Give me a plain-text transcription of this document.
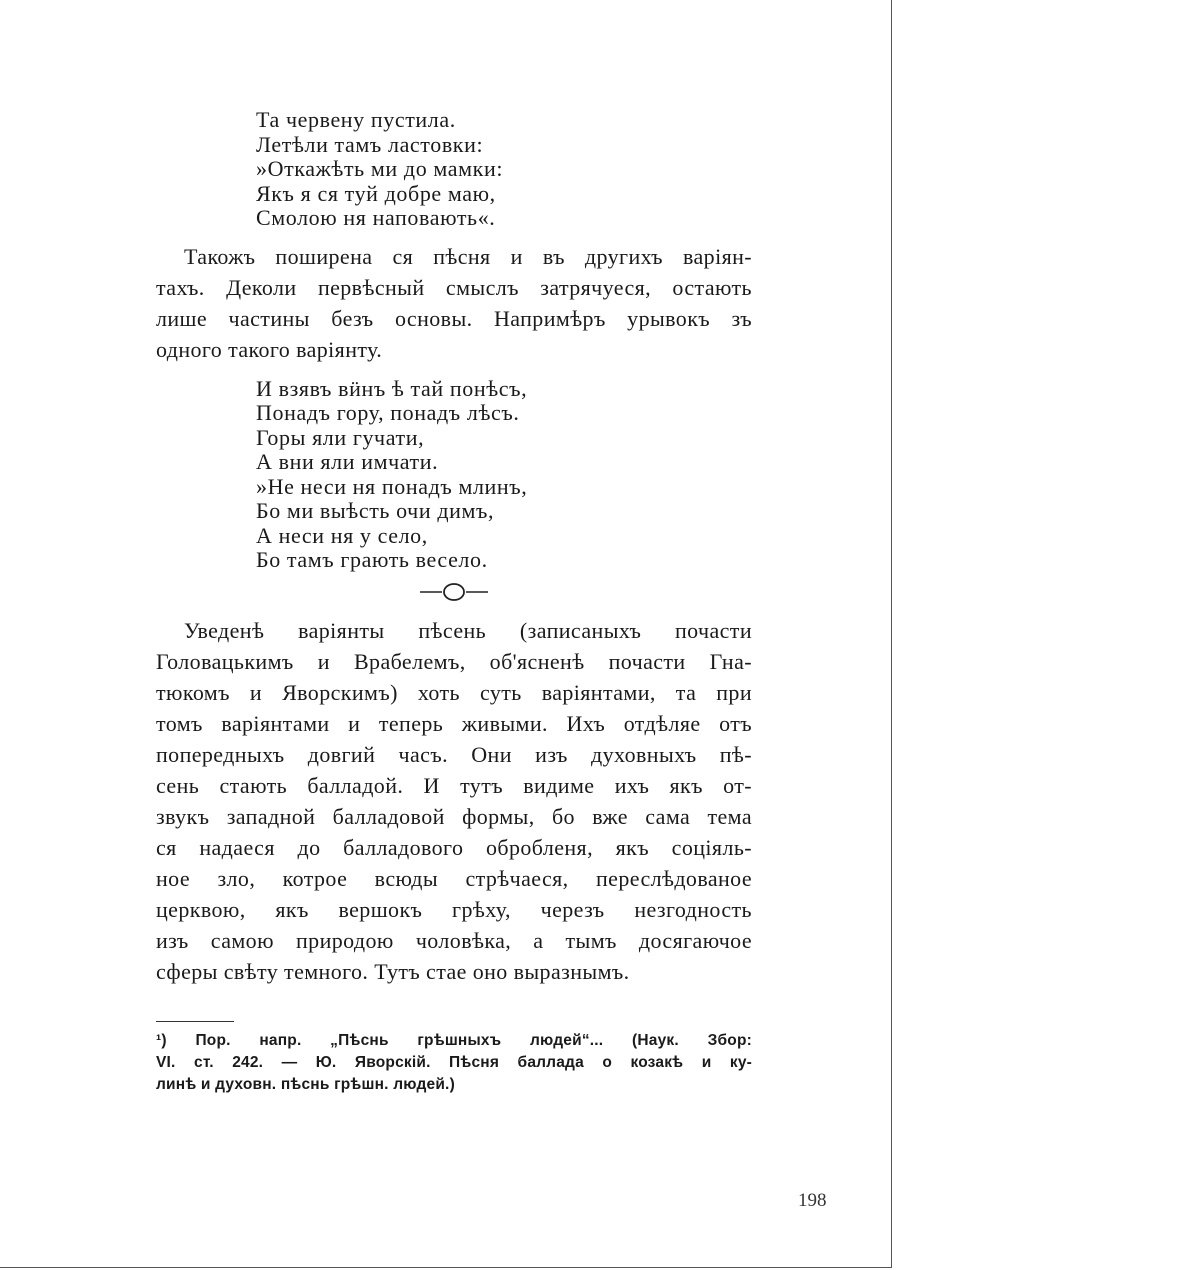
Та червену пустила.
Летѣли тамъ ластовки:
»Откажѣть ми до мамки:
Якъ я ся туй добре маю,
Смолою ня наповають«.

Такожъ поширена ся пѣсня и въ другихъ варіян-
тахъ. Деколи первѣсный смыслъ затрячуеся, остають
лише частины безъ основы. Напримѣръ урывокъ зъ
одного такого варіянту.

И взявъ вӥнъ ѣ тай понѣсъ,
Понадъ гору, понадъ лѣсъ.
Горы яли гучати,
А вни яли имчати.
»Не неси ня понадъ млинъ,
Бо ми выѣсть очи димъ,
А неси ня у село,
Бо тамъ грають весело.

Уведенѣ варіянты пѣсень (записаныхъ почасти
Головацькимъ и Врабелемъ, об'ясненѣ почасти Гна-
тюкомъ и Яворскимъ) хоть суть варіянтами, та при
томъ варіянтами и теперь живыми. Ихъ отдѣляе отъ
попередныхъ довгий часъ. Они изъ духовныхъ пѣ-
сень стають балладой. И тутъ видиме ихъ якъ от-
звукъ западной балладовой формы, бо вже сама тема
ся надаеся до балладового обробленя, якъ соціяль-
ное зло, котрое всюды стрѣчаеся, переслѣдованое
церквою, якъ вершокъ грѣху, черезъ незгодность
изъ самою природою чоловѣка, а тымъ досягаючое
сферы свѣту темного. Тутъ стае оно выразнымъ.

¹) Пор. напр. „Пѣснь грѣшныхъ людей“... (Наук. Збор:
VI. ст. 242. — Ю. Яворскій. Пѣсня баллада о козакѣ и ку-
линѣ и духовн. пѣснь грѣшн. людей.)
198
